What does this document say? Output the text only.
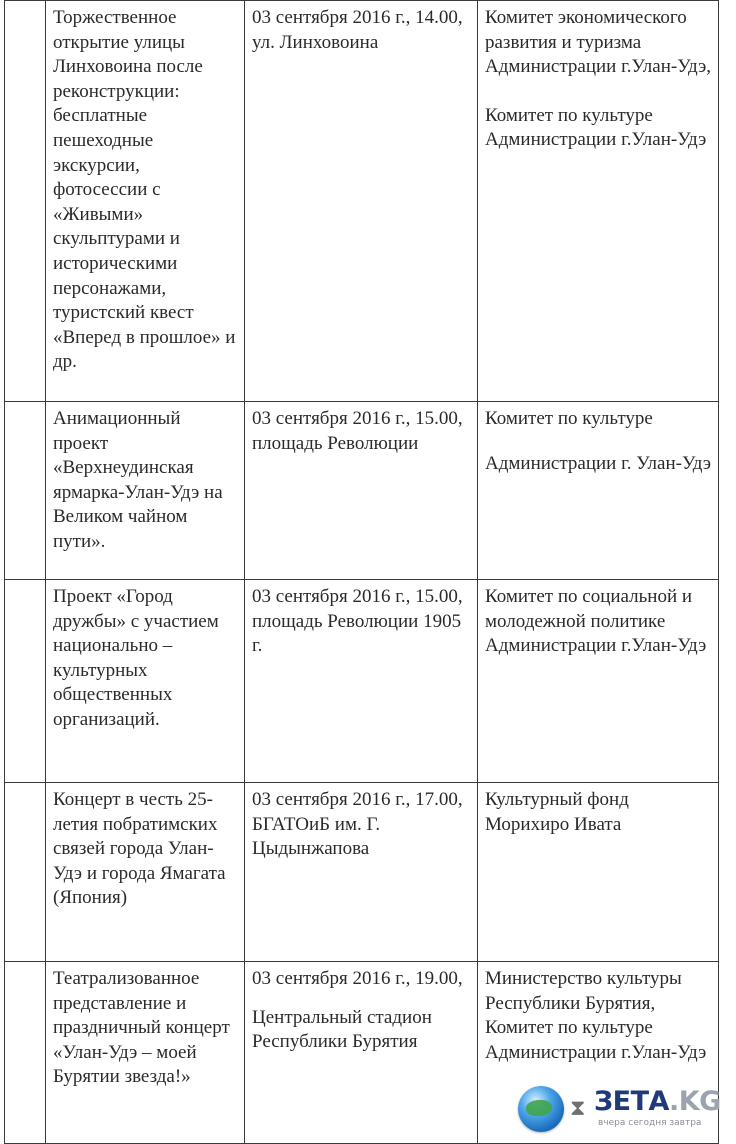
	Торжественное открытие улицы Линховоина после реконструкции: бесплатные пешеходные экскурсии, фотосессии с «Живыми» скульптурами и историческими персонажами, туристский квест «Вперед в прошлое» и др.	03 сентября 2016 г., 14.00, ул. Линховоина	Комитет экономического развития и туризма Администрации г.Улан-Удэ,
Комитет по культуре Администрации г.Улан-Удэ

	Анимационный проект «Верхнеудинская ярмарка-Улан-Удэ на Великом чайном пути».	03 сентября 2016 г., 15.00, площадь Революции	Комитет по культуре
Администрации г. Улан-Удэ

	Проект «Город дружбы» с участием национально – культурных общественных организаций.	03 сентября 2016 г., 15.00, площадь Революции 1905 г.	Комитет по социальной и молодежной политике Администрации г.Улан-Удэ

	Концерт в честь 25-летия побратимских связей города Улан-Удэ и города Ямагата (Япония)	03 сентября 2016 г., 17.00, БГАТОиБ им. Г. Цыдынжапова	Культурный фонд Морихиро Ивата

	Театрализованное представление и праздничный концерт «Улан-Удэ – моей Бурятии звезда!»	03 сентября 2016 г., 19.00,
Центральный стадион Республики Бурятия	Министерство культуры Республики Бурятия, Комитет по культуре Администрации г.Улан-Удэ
⧗ ЗЕТА.KG
вчера сегодня завтра
